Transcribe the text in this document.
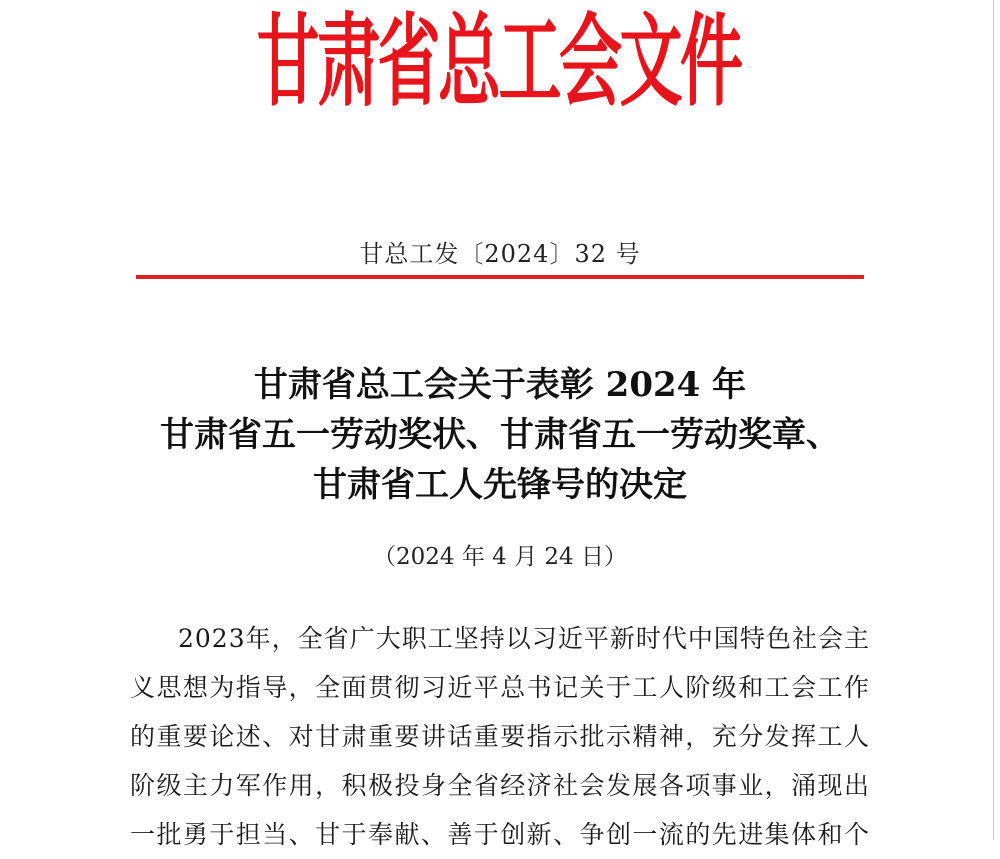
甘肃省总工会文件
甘总工发〔2024〕32 号
甘肃省总工会关于表彰 2024 年
甘肃省五一劳动奖状、甘肃省五一劳动奖章、
甘肃省工人先锋号的决定
（2024 年 4 月 24 日）
2023年，全省广大职工坚持以习近平新时代中国特色社会主
义思想为指导，全面贯彻习近平总书记关于工人阶级和工会工作
的重要论述、对甘肃重要讲话重要指示批示精神，充分发挥工人
阶级主力军作用，积极投身全省经济社会发展各项事业，涌现出
一批勇于担当、甘于奉献、善于创新、争创一流的先进集体和个
